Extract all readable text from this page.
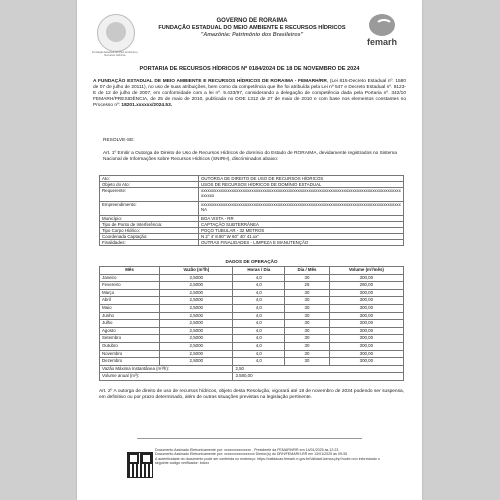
Fundação Estadual do Meio Ambiente e Recursos Hídricos
GOVERNO DE RORAIMA
FUNDAÇÃO ESTADUAL DO MEIO AMBIENTE E RECURSOS HÍDRICOS
"Amazônia: Patrimônio dos Brasileiros"
femarh
PORTARIA DE RECURSOS HÍDRICOS Nº 0184/2024 DE 18 DE NOVEMBRO DE 2024
A FUNDAÇÃO ESTADUAL DE MEIO AMBIENTE E RECURSOS HÍDRICOS DE RORAIMA - FEMARH/RR, (Lei 815-Decreto Estadual nº. 1580 de 07 de julho de 20111), no uso de suas atribuições, bem como da competência que lhe foi atribuída pela Lei nº 547 e Decreto Estadual nº. 8123-E de 12 de julho de 2007, em conformidade com a lei nº. 9.433/97, considerando a delegação de competência dada pela Portaria nº. 342/10 FEMARH/PRESIDÊNCIA, de 25 de maio de 2010, publicada no DOE 1312 de 27 de maio de 2010 e com base nos elementos constantes no Processo nº: 18201.xxxxxx/2024.53.
RESOLVE-SE:
Art. 1º Emitir a Outorga de Direito de Uso de Recursos Hídricos de domínio do Estado de RORAIMA, devidamente registrados no Sistema Nacional de Informações sobre Recursos Hídricos (SNIRH), discriminados abaixo:
Ato:	OUTORGA DE DIREITO DE USO DE RECURSOS HÍDRICOS
Objeto do Ato:	USOS DE RECURSOS HÍDRICOS DE DOMÍNIO ESTADUAL
Requerente:	xxxxxxxxxxxxxxxxxxxxxxxxxxxxxxxxxxxxxxxxxxxxxxxxxxxxxxxxxxxxxxxxxxxxxxxxxxxxxxxxxxxxxxxxxxxxxxxxx
Empreendimento:	xxxxxxxxxxxxxxxxxxxxxxxxxxxxxxxxxxxxxxxxxxxxxxxxxxxxxxxxxxxxxxxxxxxxxxxxxxxxxxxxxxxxxxxxxxxNA
Município:	BOA VISTA - RR
Tipo de Ponto de Interferência:	CAPTAÇÃO SUBTERRÂNEA
Tipo Corpo Hídrico:	POÇO TUBULAR - 32 METROS
Coordenada Captação:	N 2° 4' 8.80" W 60° 40' 41.xx"
Finalidades:	OUTRAS FINALIDADES - LIMPEZA E MANUTENÇÃO
DADOS DE OPERAÇÃO
Mês	Vazão (m³/h)	Horas / Dia	Dia / Mês	Volume (m³/mês)
Janeiro	2,5000	4,0	30	300,00
Fevereiro	2,5000	4,0	28	280,00
Março	2,5000	4,0	30	300,00
Abril	2,5000	4,0	30	300,00
Maio	2,5000	4,0	30	300,00
Junho	2,5000	4,0	30	300,00
Julho	2,5000	4,0	30	300,00
Agosto	2,5000	4,0	30	300,00
Setembro	2,5000	4,0	30	300,00
Outubro	2,5000	4,0	30	300,00
Novembro	2,5000	4,0	30	300,00
Dezembro	2,5000	4,0	30	300,00
Vazão Máxima Instantânea (m³/h):		2,50		
Volume anual (m³):		3.580,00		
Art. 2º A outorga de direito de uso de recursos hídricos, objeto desta Resolução, vigorará até 18 de novembro de 2034 podendo ser suspensa, em definitivo ou por prazo determinado, além de outras situações previstas na legislação pertinente.
Documento Assinado Eletronicamente por: xxxxxxxxxxxxxxx , Presidente da FEMARH/RR em 14/01/2025 às 12:23
Documento Assinado Eletronicamente por: xxxxxxxxxxxxxxxxx Diretor(a) do DRH/FEMARH-RR em 13/01/2025 às 09:35
A autenticidade do documento pode ser conferida no endereço: https://validacao.femarh.rr.gov.br/ValidarLicenca.php?code=xxx informando o seguinte código verificador: bdcxx
